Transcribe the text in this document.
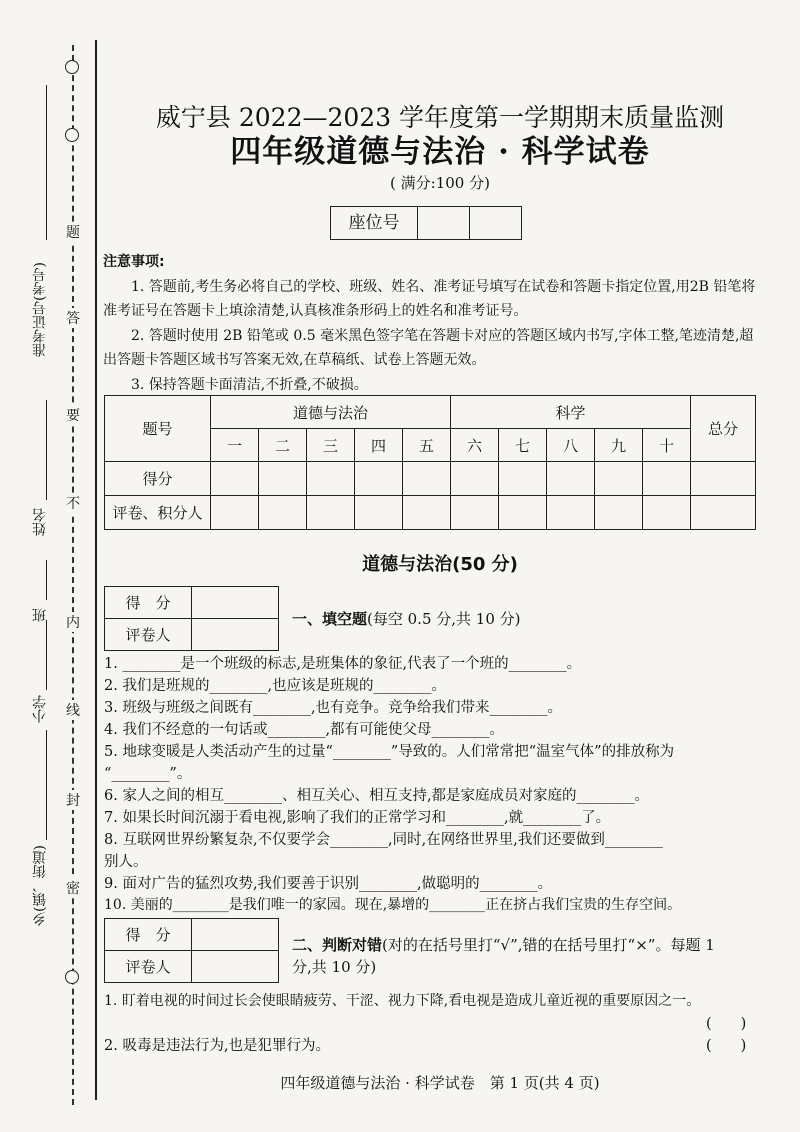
题
答
要
不
内
线
封
密
准考证号(考号)
姓名
班
小学
乡(镇、街道)
威宁县 2022—2023 学年度第一学期期末质量监测
四年级道德与法治 · 科学试卷
( 满分:100 分)
座位号

注意事项:

1. 答题前,考生务必将自己的学校、班级、姓名、准考证号填写在试卷和答题卡指定位置,用2B 铅笔将准考证号在答题卡上填涂清楚,认真核准条形码上的姓名和准考证号。

2. 答题时使用 2B 铅笔或 0.5 毫米黑色签字笔在答题卡对应的答题区域内书写,字体工整,笔迹清楚,超出答题卡答题区域书写答案无效,在草稿纸、试卷上答题无效。

3. 保持答题卡面清洁,不折叠,不破损。

题号	道德与法治					科学					总分
	一	二	三	四	五	六	七	八	九	十	
得分											
评卷、积分人											
道德与法治(50 分)
得　分	
评卷人	
一、填空题(每空 0.5 分,共 10 分)
1. ________是一个班级的标志,是班集体的象征,代表了一个班的________。
2. 我们是班规的________,也应该是班规的________。
3. 班级与班级之间既有________,也有竞争。竞争给我们带来________。
4. 我们不经意的一句话或________,都有可能使父母________。
5. 地球变暖是人类活动产生的过量“________”导致的。人们常常把“温室气体”的排放称为
“________”。
6. 家人之间的相互________、相互关心、相互支持,都是家庭成员对家庭的________。
7. 如果长时间沉溺于看电视,影响了我们的正常学习和________,就________了。
8. 互联网世界纷繁复杂,不仅要学会________,同时,在网络世界里,我们还要做到________
别人。
9. 面对广告的猛烈攻势,我们要善于识别________,做聪明的________。
10. 美丽的________是我们唯一的家园。现在,暴增的________正在挤占我们宝贵的生存空间。
得　分	
评卷人	
二、判断对错(对的在括号里打“√”,错的在括号里打“×”。每题 1
分,共 10 分)
1. 盯着电视的时间过长会使眼睛疲劳、干涩、视力下降,看电视是造成儿童近视的重要原因之一。
(　　)
2. 吸毒是违法行为,也是犯罪行为。	(　　)
四年级道德与法治 · 科学试卷　第 1 页(共 4 页)
